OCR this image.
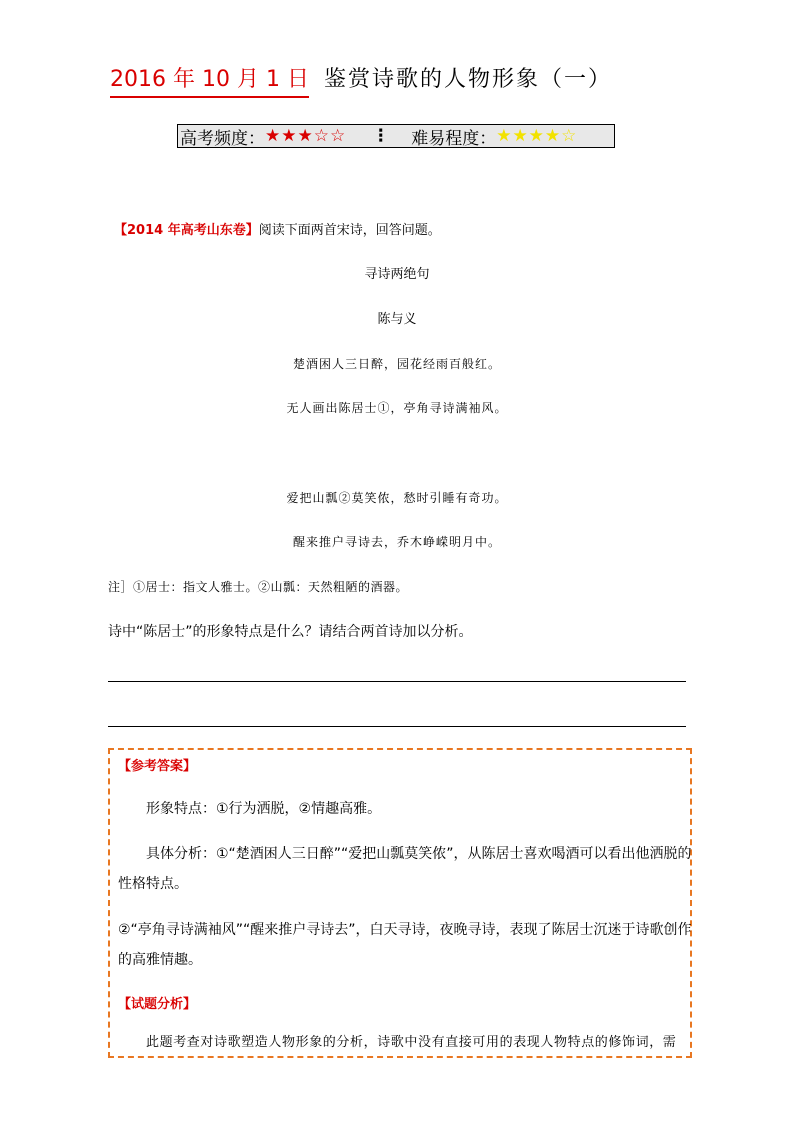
2016 年 10 月 1 日 鉴赏诗歌的人物形象（一）
高考频度： ★★★☆☆ ⋮ 难易程度： ★★★★☆
【2014 年高考山东卷】阅读下面两首宋诗，回答问题。
寻诗两绝句
陈与义
楚酒困人三日醉，园花经雨百般红。
无人画出陈居士①，亭角寻诗满袖风。
爱把山瓢②莫笑侬，愁时引睡有奇功。
醒来推户寻诗去，乔木峥嵘明月中。
注］①居士：指文人雅士。②山瓢：天然粗陋的酒器。
诗中“陈居士”的形象特点是什么？请结合两首诗加以分析。
【参考答案】
形象特点：①行为洒脱，②情趣高雅。
具体分析：①“楚酒困人三日醉”“爱把山瓢莫笑侬”，从陈居士喜欢喝酒可以看出他洒脱的
性格特点。
②“亭角寻诗满袖风”“醒来推户寻诗去”，白天寻诗，夜晚寻诗，表现了陈居士沉迷于诗歌创作
的高雅情趣。
【试题分析】
此题考查对诗歌塑造人物形象的分析，诗歌中没有直接可用的表现人物特点的修饰词，需
